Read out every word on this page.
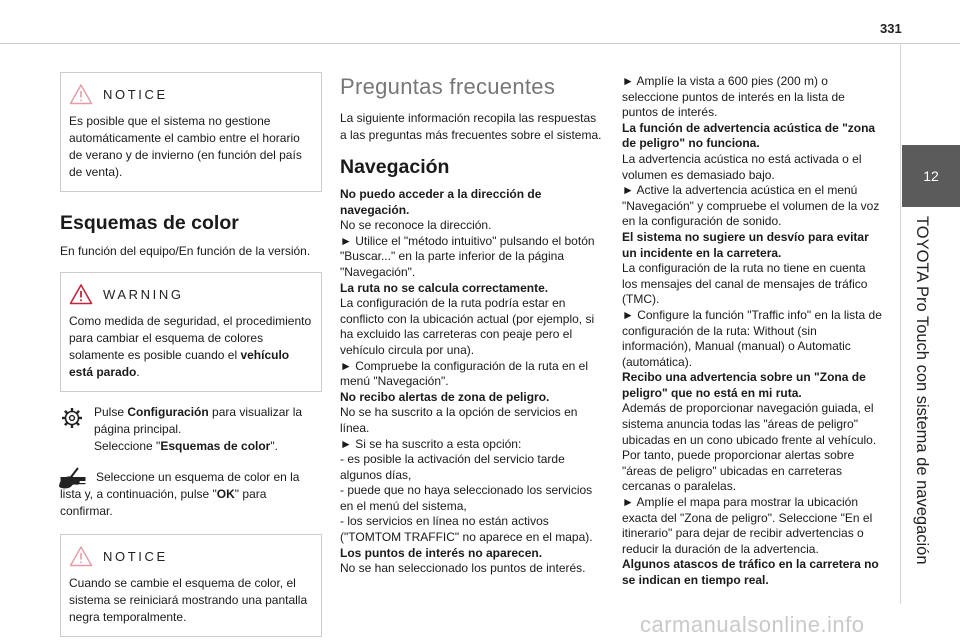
331
12
TOYOTA Pro Touch con sistema de navegación
NOTICE
Es posible que el sistema no gestione automáticamente el cambio entre el horario de verano y de invierno (en función del país de venta).
Esquemas de color
En función del equipo/En función de la versión.
WARNING
Como medida de seguridad, el procedimiento para cambiar el esquema de colores solamente es posible cuando el vehículo está parado.
Pulse Configuración para visualizar la página principal.
Seleccione "Esquemas de color".
Seleccione un esquema de color en la lista y, a continuación, pulse "OK" para confirmar.
NOTICE
Cuando se cambie el esquema de color, el sistema se reiniciará mostrando una pantalla negra temporalmente.
Preguntas frecuentes
La siguiente información recopila las respuestas a las preguntas más frecuentes sobre el sistema.
Navegación
No puedo acceder a la dirección de navegación.
No se reconoce la dirección.
► Utilice el "método intuitivo" pulsando el botón "Buscar..." en la parte inferior de la página "Navegación".
La ruta no se calcula correctamente.
La configuración de la ruta podría estar en conflicto con la ubicación actual (por ejemplo, si ha excluido las carreteras con peaje pero el vehículo circula por una).
► Compruebe la configuración de la ruta en el menú "Navegación".
No recibo alertas de zona de peligro.
No se ha suscrito a la opción de servicios en línea.
► Si se ha suscrito a esta opción:
- es posible la activación del servicio tarde algunos días,
- puede que no haya seleccionado los servicios en el menú del sistema,
- los servicios en línea no están activos ("TOMTOM TRAFFIC" no aparece en el mapa).
Los puntos de interés no aparecen.
No se han seleccionado los puntos de interés.
► Amplíe la vista a 600 pies (200 m) o seleccione puntos de interés en la lista de puntos de interés.
La función de advertencia acústica de "zona de peligro" no funciona.
La advertencia acústica no está activada o el volumen es demasiado bajo.
► Active la advertencia acústica en el menú "Navegación" y compruebe el volumen de la voz en la configuración de sonido.
El sistema no sugiere un desvío para evitar un incidente en la carretera.
La configuración de la ruta no tiene en cuenta los mensajes del canal de mensajes de tráfico (TMC).
► Configure la función "Traffic info" en la lista de configuración de la ruta: Without (sin información), Manual (manual) o Automatic (automática).
Recibo una advertencia sobre un "Zona de peligro" que no está en mi ruta.
Además de proporcionar navegación guiada, el sistema anuncia todas las "áreas de peligro" ubicadas en un cono ubicado frente al vehículo. Por tanto, puede proporcionar alertas sobre "áreas de peligro" ubicadas en carreteras cercanas o paralelas.
► Amplíe el mapa para mostrar la ubicación exacta del "Zona de peligro". Seleccione "En el itinerario" para dejar de recibir advertencias o reducir la duración de la advertencia.
Algunos atascos de tráfico en la carretera no se indican en tiempo real.
carmanualsonline.info
